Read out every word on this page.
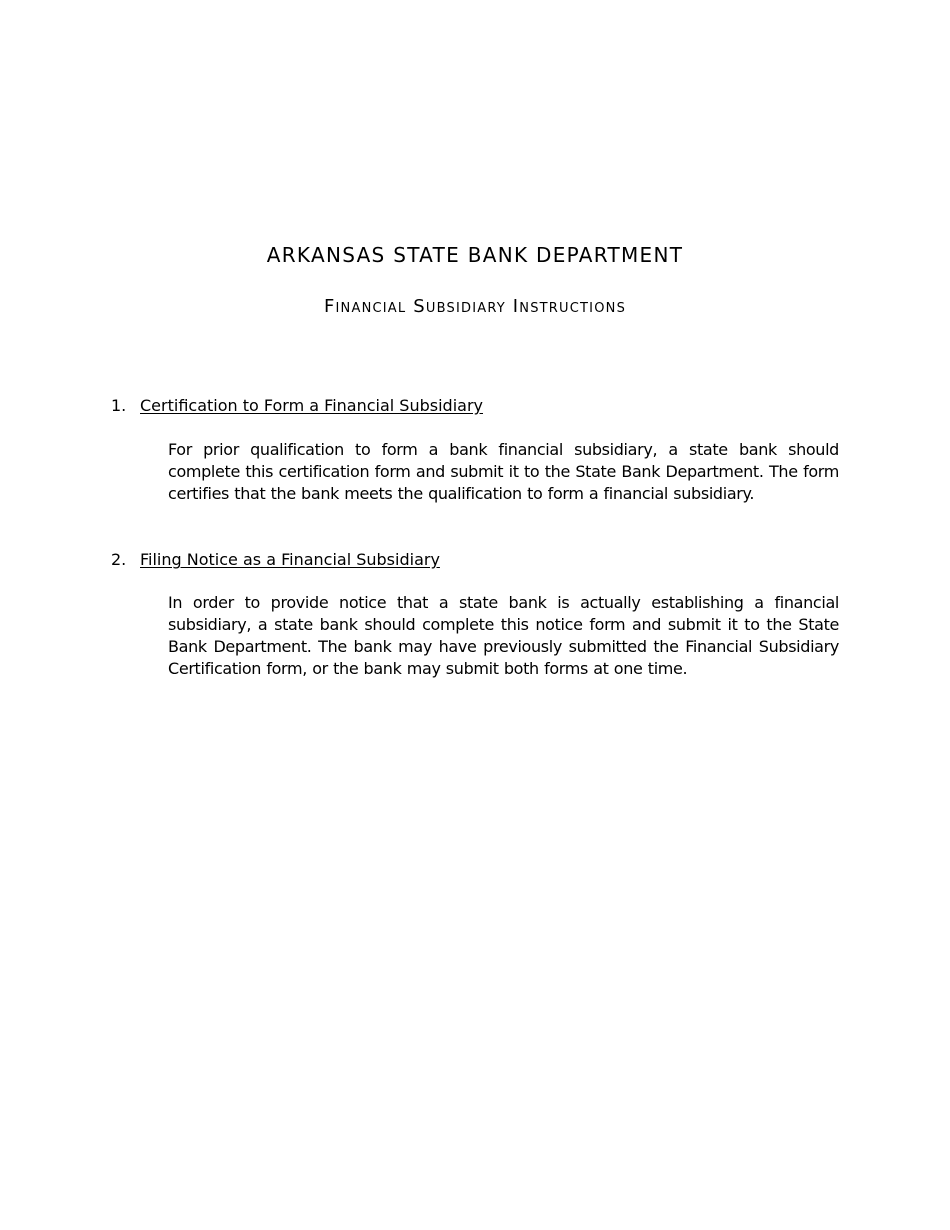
ARKANSAS STATE BANK DEPARTMENT
Financial Subsidiary Instructions
1. Certification to Form a Financial Subsidiary
For prior qualification to form a bank financial subsidiary, a state bank should complete this certification form and submit it to the State Bank Department. The form certifies that the bank meets the qualification to form a financial subsidiary.
2. Filing Notice as a Financial Subsidiary
In order to provide notice that a state bank is actually establishing a financial subsidiary, a state bank should complete this notice form and submit it to the State Bank Department. The bank may have previously submitted the Financial Subsidiary Certification form, or the bank may submit both forms at one time.
